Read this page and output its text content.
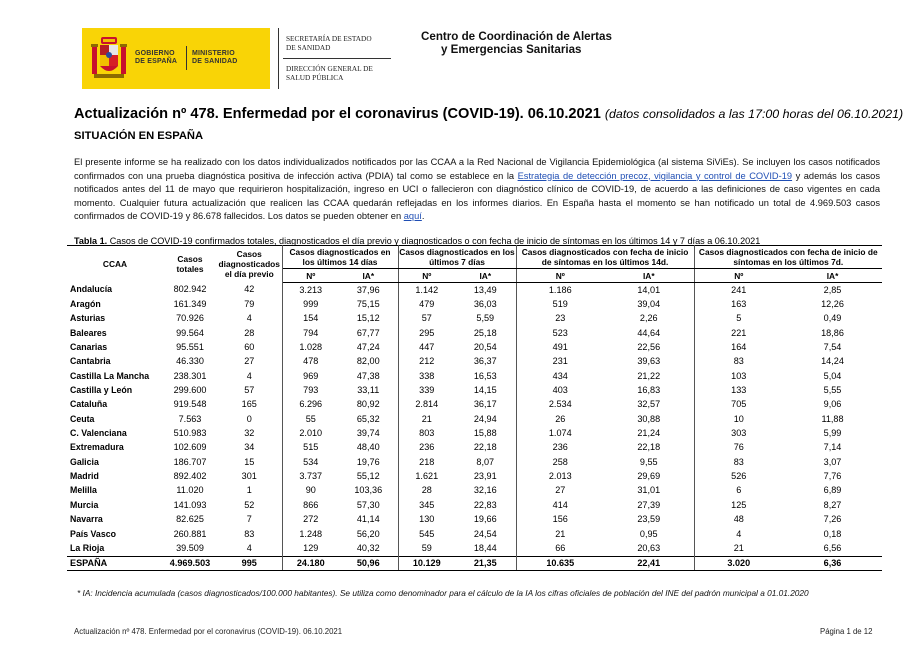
GOBIERNO
DE ESPAÑA
MINISTERIO
DE SANIDAD
SECRETARÍA DE ESTADO
DE SANIDAD
DIRECCIÓN GENERAL DE
SALUD PÚBLICA
Centro de Coordinación de Alertas
y Emergencias Sanitarias
Actualización nº 478. Enfermedad por el coronavirus (COVID-19). 06.10.2021 (datos consolidados a las 17:00 horas del 06.10.2021)
SITUACIÓN EN ESPAÑA
El presente informe se ha realizado con los datos individualizados notificados por las CCAA a la Red Nacional de Vigilancia Epidemiológica (al sistema SiViEs). Se incluyen los casos notificados confirmados con una prueba diagnóstica positiva de infección activa (PDIA) tal como se establece en la Estrategia de detección precoz, vigilancia y control de COVID-19 y además los casos notificados antes del 11 de mayo que requirieron hospitalización, ingreso en UCI o fallecieron con diagnóstico clínico de COVID-19, de acuerdo a las definiciones de caso vigentes en cada momento. Cualquier futura actualización que realicen las CCAA quedarán reflejadas en los informes diarios. En España hasta el momento se han notificado un total de 4.969.503 casos confirmados de COVID-19 y 86.678 fallecidos. Los datos se pueden obtener en aquí.
Tabla 1. Casos de COVID-19 confirmados totales, diagnosticados el día previo y diagnosticados o con fecha de inicio de síntomas en los últimos 14 y 7 días a 06.10.2021
CCAA	Casos totales	Casos diagnosticados el día previo	Casos diagnosticados en los últimos 14 días		Casos diagnosticados en los últimos 7 días		Casos diagnosticados con fecha de inicio de síntomas en los últimos 14d.		Casos diagnosticados con fecha de inicio de síntomas en los últimos 7d.	
			Nº	IA*	Nº	IA*	Nº	IA*	Nº	IA*
Andalucía	802.942	42	3.213	37,96	1.142	13,49	1.186	14,01	241	2,85
Aragón	161.349	79	999	75,15	479	36,03	519	39,04	163	12,26
Asturias	70.926	4	154	15,12	57	5,59	23	2,26	5	0,49
Baleares	99.564	28	794	67,77	295	25,18	523	44,64	221	18,86
Canarias	95.551	60	1.028	47,24	447	20,54	491	22,56	164	7,54
Cantabria	46.330	27	478	82,00	212	36,37	231	39,63	83	14,24
Castilla La Mancha	238.301	4	969	47,38	338	16,53	434	21,22	103	5,04
Castilla y León	299.600	57	793	33,11	339	14,15	403	16,83	133	5,55
Cataluña	919.548	165	6.296	80,92	2.814	36,17	2.534	32,57	705	9,06
Ceuta	7.563	0	55	65,32	21	24,94	26	30,88	10	11,88
C. Valenciana	510.983	32	2.010	39,74	803	15,88	1.074	21,24	303	5,99
Extremadura	102.609	34	515	48,40	236	22,18	236	22,18	76	7,14
Galicia	186.707	15	534	19,76	218	8,07	258	9,55	83	3,07
Madrid	892.402	301	3.737	55,12	1.621	23,91	2.013	29,69	526	7,76
Melilla	11.020	1	90	103,36	28	32,16	27	31,01	6	6,89
Murcia	141.093	52	866	57,30	345	22,83	414	27,39	125	8,27
Navarra	82.625	7	272	41,14	130	19,66	156	23,59	48	7,26
País Vasco	260.881	83	1.248	56,20	545	24,54	21	0,95	4	0,18
La Rioja	39.509	4	129	40,32	59	18,44	66	20,63	21	6,56
ESPAÑA	4.969.503	995	24.180	50,96	10.129	21,35	10.635	22,41	3.020	6,36
* IA: Incidencia acumulada (casos diagnosticados/100.000 habitantes). Se utiliza como denominador para el cálculo de la IA los cifras oficiales de población del INE del padrón municipal a 01.01.2020
Actualización nº 478. Enfermedad por el coronavirus (COVID-19). 06.10.2021	Página 1 de 12
